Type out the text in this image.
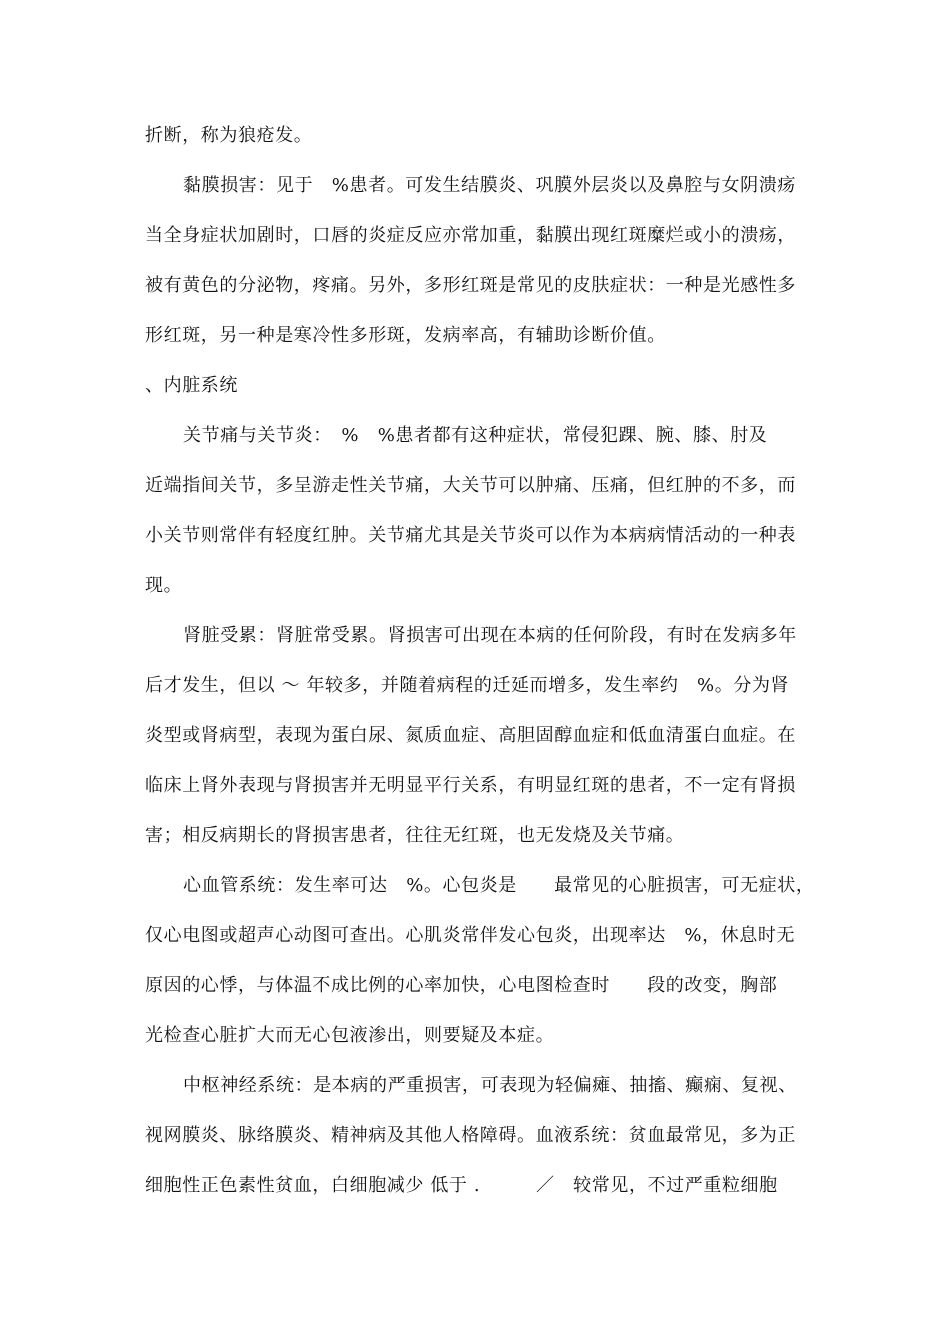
折断，称为狼疮发。
黏膜损害：见于　%患者。可发生结膜炎、巩膜外层炎以及鼻腔与女阴溃疡
当全身症状加剧时，口唇的炎症反应亦常加重，黏膜出现红斑糜烂或小的溃疡，
被有黄色的分泌物，疼痛。另外，多形红斑是常见的皮肤症状：一种是光感性多
形红斑，另一种是寒冷性多形斑，发病率高，有辅助诊断价值。
、内脏系统
关节痛与关节炎：　%　%患者都有这种症状，常侵犯踝、腕、膝、肘及
近端指间关节，多呈游走性关节痛，大关节可以肿痛、压痛，但红肿的不多，而
小关节则常伴有轻度红肿。关节痛尤其是关节炎可以作为本病病情活动的一种表
现。
肾脏受累：肾脏常受累。肾损害可出现在本病的任何阶段，有时在发病多年
后才发生，但以 ～ 年较多，并随着病程的迁延而增多，发生率约　%。分为肾
炎型或肾病型，表现为蛋白尿、氮质血症、高胆固醇血症和低血清蛋白血症。在
临床上肾外表现与肾损害并无明显平行关系，有明显红斑的患者，不一定有肾损
害；相反病期长的肾损害患者，往往无红斑，也无发烧及关节痛。
心血管系统：发生率可达　%。心包炎是　　最常见的心脏损害，可无症状，
仅心电图或超声心动图可查出。心肌炎常伴发心包炎，出现率达　%，休息时无
原因的心悸，与体温不成比例的心率加快，心电图检查时　　段的改变，胸部
光检查心脏扩大而无心包液渗出，则要疑及本症。
中枢神经系统：是本病的严重损害，可表现为轻偏瘫、抽搐、癫痫、复视、
视网膜炎、脉络膜炎、精神病及其他人格障碍。血液系统：贫血最常见，多为正
细胞性正色素性贫血，白细胞减少 低于 .　　　／　较常见，不过严重粒细胞
